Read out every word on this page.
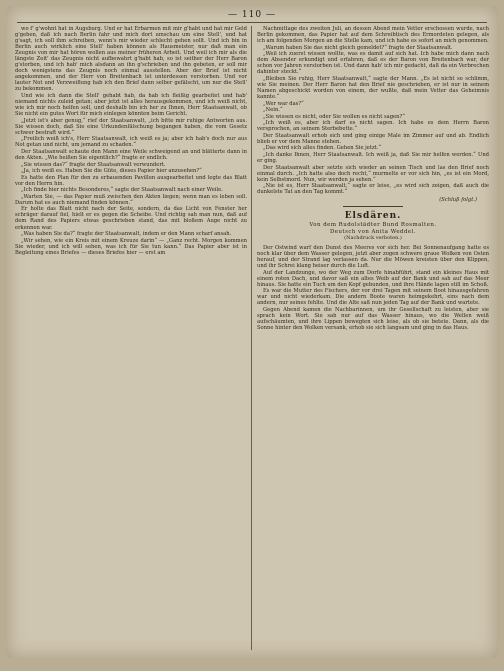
— 110 —

wo f' g'wohnt hat in Augsburg. Und er hat Erbarmen mit mir g'habt und hat mir Geld g'geben, daß ich nach Berlin fahr und mich dort umschau um eine Stell', und hat g'sagt, ich soll ihm schreiben, wenn's mir wieder schlecht gehen sollt. Und ich bin in Berlin auch wirklich eine Stell' haben können als Hausmeister, nur daß man ein Zeugnis von mir hat hören wollen aus meiner früheren Arbeit. Und weil ich mir als die längste Zeit' das Zeugnis nicht aufbewahrt g'habt hab, so ist seither der Herr Baron g'storben, und ich hab' mich alsdann an ihn g'schrieben und ihn gebeten, er soll mir doch wenigstens das Zeugnis noch einmal ausstellen. Aber der Brief ist nicht angekommen, und der Herr von Breitenbach ist unterdessen verstorben. Und vor lauter Not und Verzweiflung hab ich den Brief dann selber gefälscht, um nur die Stell' zu bekommen.

Und wie ich dann die Stell' gehabt hab, da hab ich fleißig gearbeitet und hab' niemand nichts zuleid getan; aber jetzt ist alles herausgekommen, und ich weiß nicht, wie ich mir noch helfen soll, und deshalb bin ich her zu Ihnen, Herr Staatsanwalt, ob Sie nicht ein gutes Wort für mich einlegen könnten beim Gericht.

„Jetzt ist's aber genug,“ rief der Staatsanwalt, „ich bitte mir ruhige Antworten aus. Sie wissen doch, daß Sie eine Urkundenfälschung begangen haben, die vom Gesetz schwer bestraft wird.“

„Freilich weiß ich's, Herr Staatsanwalt, ich weiß es ja; aber ich hab's doch nur aus Not getan und nicht, um jemand zu schaden.“

Der Staatsanwalt schaute den Mann eine Weile schweigend an und blätterte dann in den Akten. „Wie heißen Sie eigentlich?“ fragte er endlich.

„Sie wissen das?“ fragte der Staatsanwalt verwundert.

„Ja, ich weiß es. Haben Sie die Güte, dieses Papier hier anzusehen?“

Es hatte den Plan für den zu erbauenden Pavillon ausgearbeitet und legte das Blatt vor den Herrn hin.

„Ich finde hier nichts Besonderes,“ sagte der Staatsanwalt nach einer Weile.

„Warten Sie, — das Papier muß zwischen den Akten liegen; wenn man es leben soll. Darum hat es auch niemand finden können.“

Er holte das Blatt nicht nach der Seite, sondern, da das Licht von Fenster her schräger darauf fiel, hielt er es gegen die Scheibe. Und richtig sah man nun, daß auf dem Rand des Papiers etwas geschrieben stand, das mit bloßem Auge nicht zu erkennen war.

„Was haben Sie da?“ fragte der Staatsanwalt, indem er den Mann scharf ansah.

„Wir sehen, wie ein Kreis mit einem Kreuze darin“ — „Ganz recht. Morgen kommen Sie wieder, und ich will sehen, was ich für Sie tun kann.“ Das Papier aber ist in Begleitung eines Briefes — dieses Briefes hier — erst am

Nachmittage des zweiten Juli, an dessen Abend mein Vetter erschossen wurde, nach Berlin gekommen, das Papier hat auf dem Schreibtisch des Ermordeten gelegen, als ich am folgenden Morgen an die Stelle kam, und ich habe es sofort an mich genommen.

„Warum haben Sie das nicht gleich gemeldet?“ fragte der Staatsanwalt.

„Weil ich zuerst wissen wollte, was es damit auf sich hat. Ich habe mich dann nach dem Absender erkundigt und erfahren, daß es der Baron von Breitenbach war, der schon vor Jahren verstorben ist. Und dann hab' ich mir gedacht, daß da ein Verbrechen dahinter steckt.“

„Bleiben Sie ruhig, Herr Staatsanwalt,“ sagte der Mann. „Es ist nicht so schlimm, wie Sie meinen. Der Herr Baron hat den Brief nie geschrieben, er ist nur in seinem Namen abgeschickt worden von einem, der wußte, daß mein Vetter das Geheimnis kannte.“

„Wer war das?“

„Nein.“

„Sie wissen es nicht, oder Sie wollen es nicht sagen?“

„Ich weiß es, aber ich darf es nicht sagen. Ich habe es dem Herrn Baron versprochen, an seinem Sterbebette.“

Der Staatsanwalt erhob sich und ging einige Male im Zimmer auf und ab. Endlich blieb er vor dem Manne stehen.

„Das wird sich alles finden. Gehen Sie jetzt.“

„Ich danke Ihnen, Herr Staatsanwalt. Ich weiß ja, daß Sie mir helfen werden.“ Und er ging.

Der Staatsanwalt aber setzte sich wieder an seinen Tisch und las den Brief noch einmal durch. „Ich hatte also doch recht,“ murmelte er vor sich hin, „es ist ein Mord, kein Selbstmord. Nun, wir werden ja sehen.“

„Nie ist es, Herr Staatsanwalt,“ sagte er leise, „es wird sich zeigen, daß auch die dunkelste Tat an den Tag kommt.“

(Schluß folgt.)
Elsdären.
Von dem Rudolstädter Bund Rosmalten.
Deutsch von Anita Weddel.
(Nachdruck verboten.)

Der Ostwind warf den Dunst des Meeres vor sich her. Bei Sonnenaufgang hatte es noch klar über dem Wasser gelegen, jetzt aber zogen schwere graue Wolken von Osten herauf, und der Strand lag verlassen da. Nur die Möwen kreisten über den Klippen, und ihr Schrei klang heiser durch die Luft.

Auf der Landzunge, wo der Weg zum Dorfe hinabführt, stand ein kleines Haus mit einem roten Dach, und davor saß ein altes Weib auf der Bank und sah auf das Meer hinaus. Sie hatte ein Tuch um den Kopf gebunden, und ihre Hände lagen still im Schoß.

Es war die Mutter des Fischers, der vor drei Tagen mit seinem Boot hinausgefahren war und nicht wiederkam. Die andern Boote waren heimgekehrt, eins nach dem andern, nur seines fehlte. Und die Alte saß nun jeden Tag auf der Bank und wartete.

Gegen Abend kamen die Nachbarinnen, um ihr Gesellschaft zu leisten, aber sie sprach kein Wort. Sie sah nur auf das Wasser hinaus, wo die Wellen weiß aufschäumten, und ihre Lippen bewegten sich leise, als ob sie betete. Dann, als die Sonne hinter den Wolken versank, erhob sie sich langsam und ging in das Haus.
